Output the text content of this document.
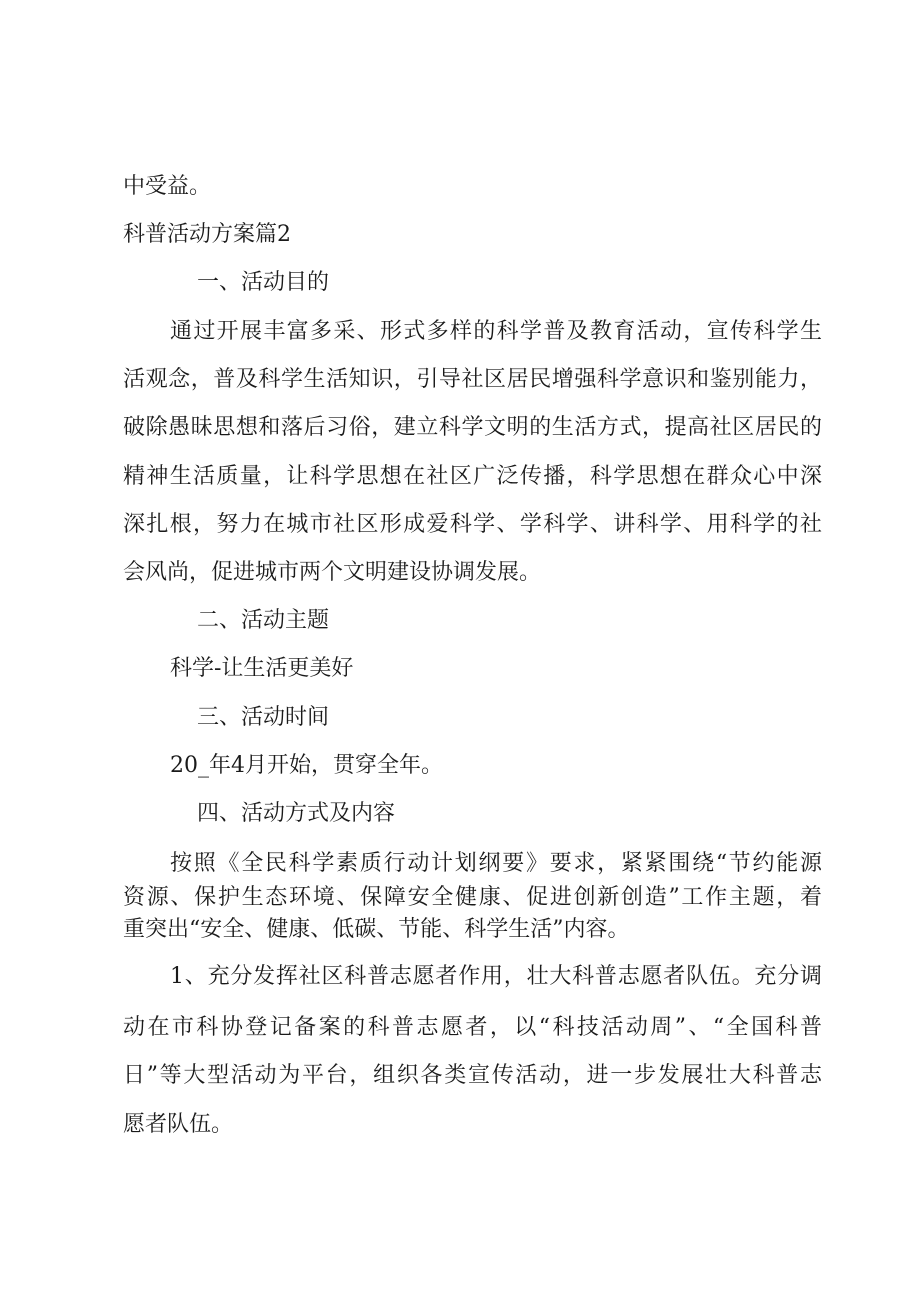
中受益。
科普活动方案篇2
一、活动目的
通过开展丰富多采、形式多样的科学普及教育活动，宣传科学生
活观念，普及科学生活知识，引导社区居民增强科学意识和鉴别能力，
破除愚昧思想和落后习俗，建立科学文明的生活方式，提高社区居民的
精神生活质量，让科学思想在社区广泛传播，科学思想在群众心中深
深扎根，努力在城市社区形成爱科学、学科学、讲科学、用科学的社
会风尚，促进城市两个文明建设协调发展。
二、活动主题
科学-让生活更美好
三、活动时间
20_年4月开始，贯穿全年。
四、活动方式及内容
按照《全民科学素质行动计划纲要》要求，紧紧围绕“节约能源
资源、保护生态环境、保障安全健康、促进创新创造”工作主题，着
重突出“安全、健康、低碳、节能、科学生活”内容。
1、充分发挥社区科普志愿者作用，壮大科普志愿者队伍。充分调
动在市科协登记备案的科普志愿者，以“科技活动周”、“全国科普
日”等大型活动为平台，组织各类宣传活动，进一步发展壮大科普志
愿者队伍。
